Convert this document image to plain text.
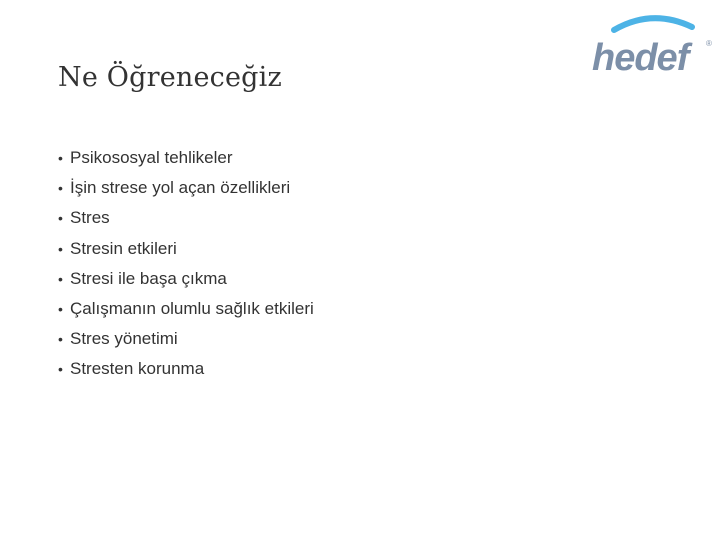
Ne Öğreneceğiz	hedef	®
• Psikososyal tehlikeler
• İşin strese yol açan özellikleri
• Stres
• Stresin etkileri
• Stresi ile başa çıkma
• Çalışmanın olumlu sağlık etkileri
• Stres yönetimi
• Stresten korunma
